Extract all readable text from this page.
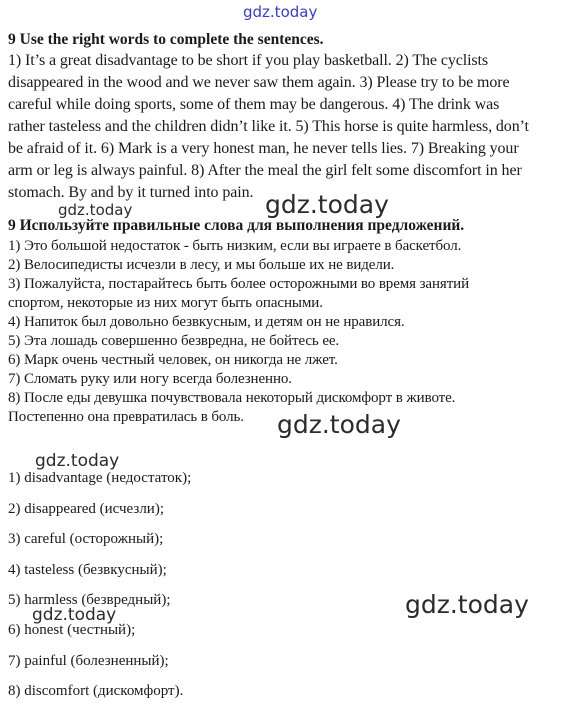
gdz.today
gdz.today	gdz.today
gdz.today
gdz.today
gdz.today
gdz.today
9 Use the right words to complete the sentences.
1) It’s a great disadvantage to be short if you play basketball. 2) The cyclists
disappeared in the wood and we never saw them again. 3) Please try to be more
careful while doing sports, some of them may be dangerous. 4) The drink was
rather tasteless and the children didn’t like it. 5) This horse is quite harmless, don’t
be afraid of it. 6) Mark is a very honest man, he never tells lies. 7) Breaking your
arm or leg is always painful. 8) After the meal the girl felt some discomfort in her
stomach. By and by it turned into pain.
9 Используйте правильные слова для выполнения предложений.
1) Это большой недостаток - быть низким, если вы играете в баскетбол.
2) Велосипедисты исчезли в лесу, и мы больше их не видели.
3) Пожалуйста, постарайтесь быть более осторожными во время занятий
спортом, некоторые из них могут быть опасными.
4) Напиток был довольно безвкусным, и детям он не нравился.
5) Эта лошадь совершенно безвредна, не бойтесь ее.
6) Марк очень честный человек, он никогда не лжет.
7) Сломать руку или ногу всегда болезненно.
8) После еды девушка почувствовала некоторый дискомфорт в животе.
Постепенно она превратилась в боль.
1) disadvantage (недостаток);
2) disappeared (исчезли);
3) careful (осторожный);
4) tasteless (безвкусный);
5) harmless (безвредный);
6) honest (честный);
7) painful (болезненный);
8) discomfort (дискомфорт).
